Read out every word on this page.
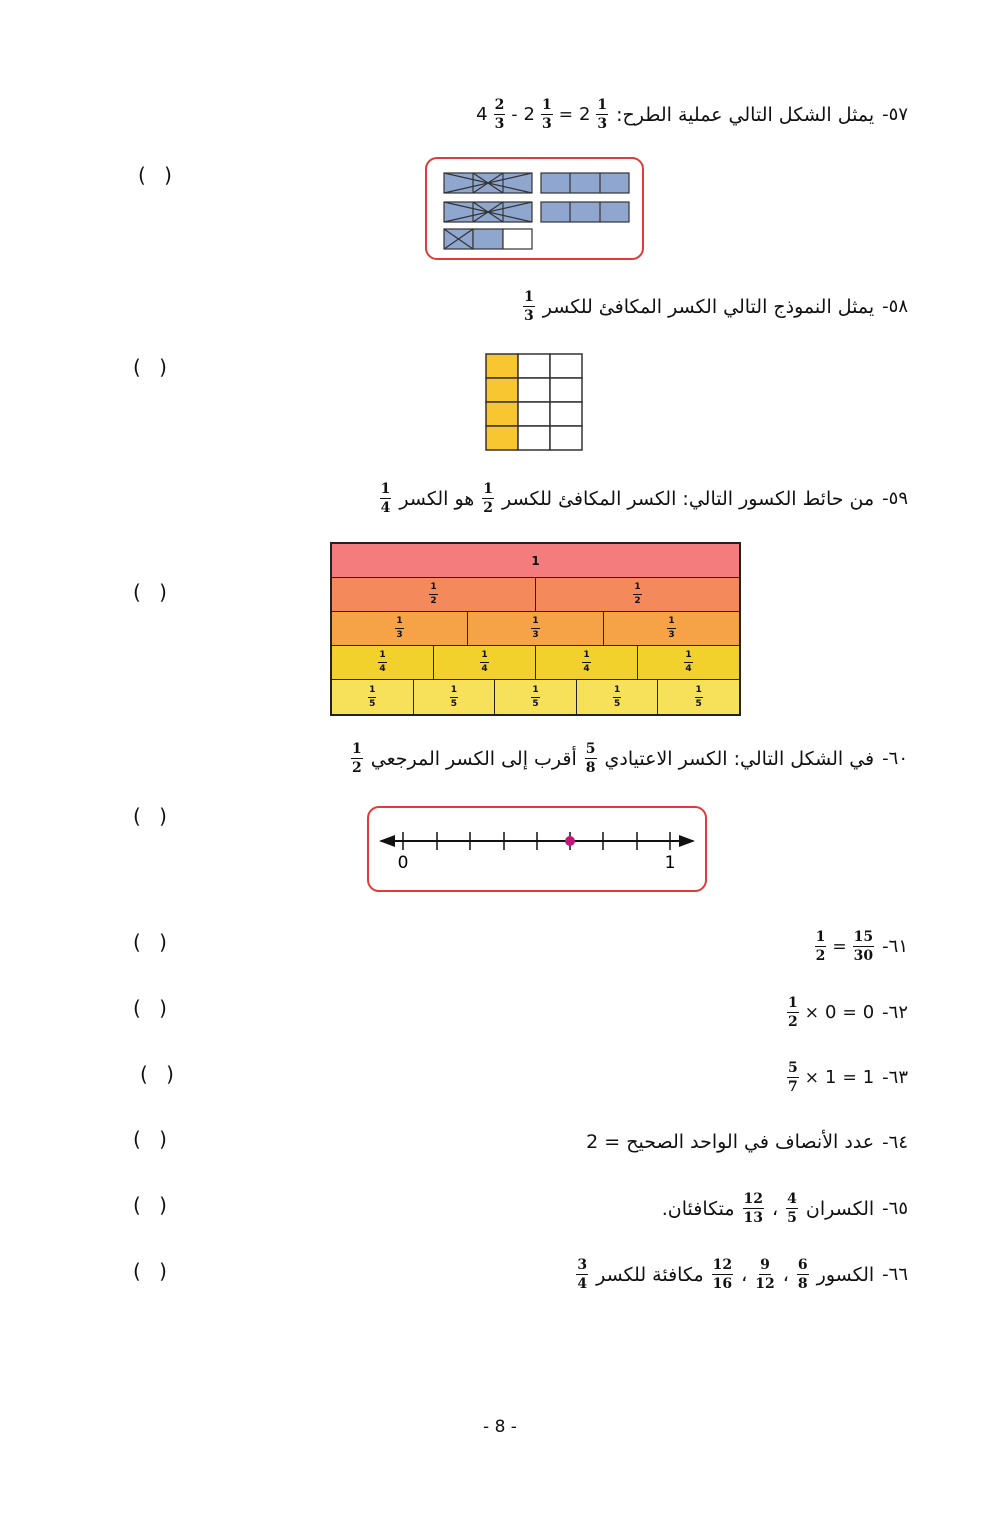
٥٧-
يمثل الشكل التالي عملية الطرح:
4 2
$3 - 2 \frac{1}{3} = 2$ 1
3
( )
٥٨-
يمثل النموذج التالي الكسر المكافئ للكسر
1
3
( )
٥٩-
من حائط الكسور التالي: الكسر المكافئ للكسر
1
2
هو الكسر
1
4
( )
1
1
2
1
2
1
3
1
3
1
3
1
4
1
4
1
4
1
4
1
5
1
5
1
5
1
5
1
5
٦٠-
في الشكل التالي: الكسر الاعتيادي
5
8
أقرب إلى الكسر المرجعي
1
2
( )
0	1
٦١-
$\frac{1}{2} = \frac{15}{30}$
( )
٦٢-
$\frac{1}{2} \times 0 = 0$
( )
٦٣-
$\frac{5}{7} \times 1 = 1$
( )
٦٤-
عدد الأنصاف في الواحد الصحيح = 2
( )
٦٥-
الكسران
4
5
،
12
13
متكافئان.
( )
٦٦-
الكسور
6
8
،
9
12
،
12
16
مكافئة للكسر
3
4
( )
- 8 -
